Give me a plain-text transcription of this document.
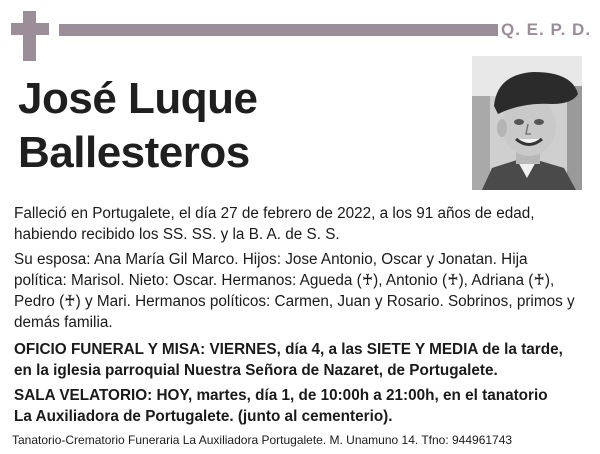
Q. E. P. D.
José Luque
Ballesteros
Falleció en Portugalete, el día 27 de febrero de 2022, a los 91 años de edad,
habiendo recibido los SS. SS. y la B. A. de S. S.
Su esposa: Ana María Gil Marco. Hijos: Jose Antonio, Oscar y Jonatan. Hija
política: Marisol. Nieto: Oscar. Hermanos: Agueda (♰), Antonio (♰), Adriana (♰),
Pedro (♰) y Mari. Hermanos políticos: Carmen, Juan y Rosario. Sobrinos, primos y
demás familia.
OFICIO FUNERAL Y MISA: VIERNES, día 4, a las SIETE Y MEDIA de la tarde,
en la iglesia parroquial Nuestra Señora de Nazaret, de Portugalete.
SALA VELATORIO: HOY, martes, día 1, de 10:00h a 21:00h, en el tanatorio
La Auxiliadora de Portugalete. (junto al cementerio).
Tanatorio-Crematorio Funeraria La Auxiliadora Portugalete. M. Unamuno 14. Tfno: 944961743
